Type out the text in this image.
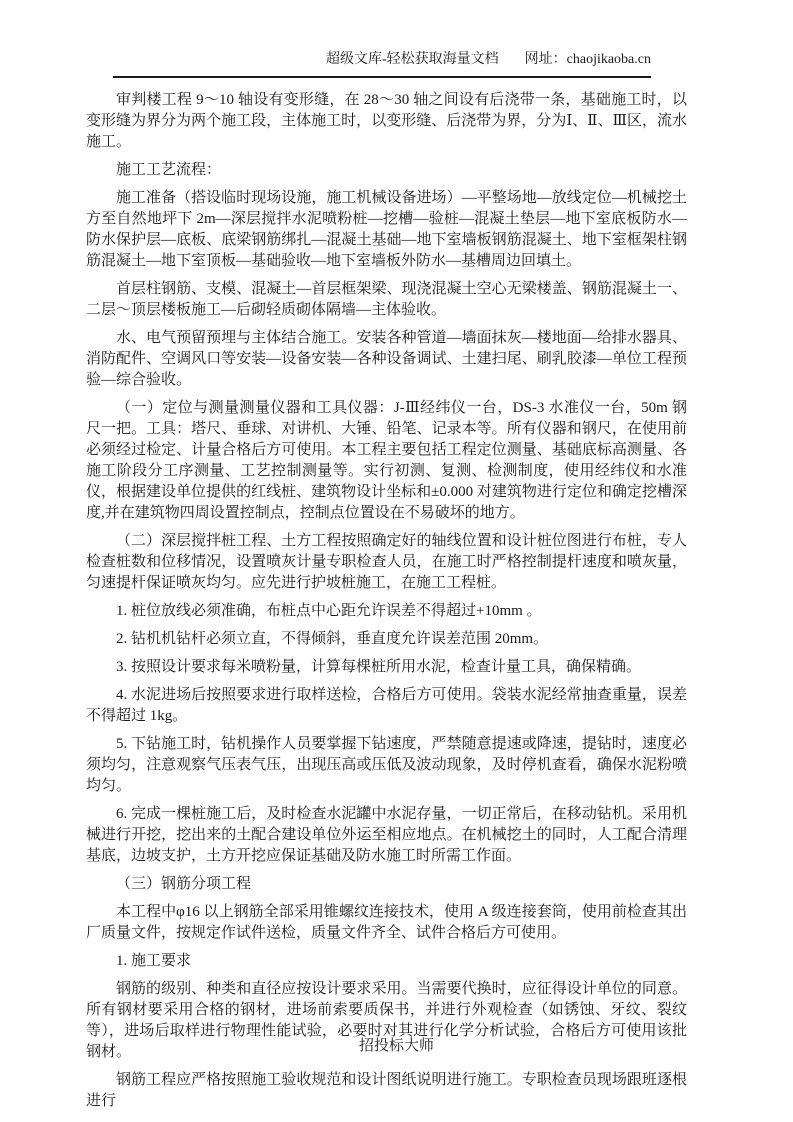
超级文库-轻松获取海量文档 网址：chaojikaoba.cn

审判楼工程 9～10 轴设有变形缝，在 28～30 轴之间设有后浇带一条，基础施工时，以变形缝为界分为两个施工段，主体施工时，以变形缝、后浇带为界，分为Ⅰ、Ⅱ、Ⅲ区，流水施工。

施工工艺流程：

施工准备（搭设临时现场设施，施工机械设备进场）—平整场地—放线定位—机械挖土方至自然地坪下 2m—深层搅拌水泥喷粉桩—挖槽—验桩—混凝土垫层—地下室底板防水—防水保护层—底板、底梁钢筋绑扎—混凝土基础—地下室墙板钢筋混凝土、地下室框架柱钢筋混凝土—地下室顶板—基础验收—地下室墙板外防水—基槽周边回填土。

首层柱钢筋、支模、混凝土—首层框架梁、现浇混凝土空心无梁楼盖、钢筋混凝土一、二层～顶层楼板施工—后砌轻质砌体隔墙—主体验收。

水、电气预留预埋与主体结合施工。安装各种管道—墙面抹灰—楼地面—给排水器具、消防配件、空调风口等安装—设备安装—各种设备调试、土建扫尾、刷乳胶漆—单位工程预验—综合验收。

（一）定位与测量测量仪器和工具仪器：J-Ⅲ经纬仪一台，DS-3 水准仪一台，50m 钢尺一把。工具：塔尺、垂球、对讲机、大锤、铅笔、记录本等。所有仪器和钢尺，在使用前必须经过检定、计量合格后方可使用。本工程主要包括工程定位测量、基础底标高测量、各施工阶段分工序测量、工艺控制测量等。实行初测、复测、检测制度，使用经纬仪和水准仪，根据建设单位提供的红线桩、建筑物设计坐标和±0.000 对建筑物进行定位和确定挖槽深度,并在建筑物四周设置控制点，控制点位置设在不易破坏的地方。

（二）深层搅拌桩工程、土方工程按照确定好的轴线位置和设计桩位图进行布桩，专人检查桩数和位移情况，设置喷灰计量专职检查人员，在施工时严格控制提杆速度和喷灰量，匀速提杆保证喷灰均匀。应先进行护坡桩施工，在施工工程桩。

1. 桩位放线必须准确，布桩点中心距允许误差不得超过+10mm 。

2. 钻机机钻杆必须立直，不得倾斜，垂直度允许误差范围 20mm。

3. 按照设计要求每米喷粉量，计算每棵桩所用水泥，检查计量工具，确保精确。

4. 水泥进场后按照要求进行取样送检，合格后方可使用。袋装水泥经常抽查重量，误差不得超过 1kg。

5. 下钻施工时，钻机操作人员要掌握下钻速度，严禁随意提速或降速，提钻时，速度必须均匀，注意观察气压表气压，出现压高或压低及波动现象，及时停机查看，确保水泥粉喷均匀。

6. 完成一棵桩施工后，及时检查水泥罐中水泥存量，一切正常后，在移动钻机。采用机械进行开挖，挖出来的土配合建设单位外运至相应地点。在机械挖土的同时，人工配合清理基底，边坡支护，土方开挖应保证基础及防水施工时所需工作面。

（三）钢筋分项工程

本工程中φ16 以上钢筋全部采用锥螺纹连接技术，使用 A 级连接套筒，使用前检查其出厂质量文件，按规定作试件送检，质量文件齐全、试件合格后方可使用。

1. 施工要求

钢筋的级别、种类和直径应按设计要求采用。当需要代换时，应征得设计单位的同意。所有钢材要采用合格的钢材，进场前索要质保书，并进行外观检查（如锈蚀、牙纹、裂纹等），进场后取样进行物理性能试验，必要时对其进行化学分析试验，合格后方可使用该批钢材。

钢筋工程应严格按照施工验收规范和设计图纸说明进行施工。专职检查员现场跟班逐根进行

招投标大师
